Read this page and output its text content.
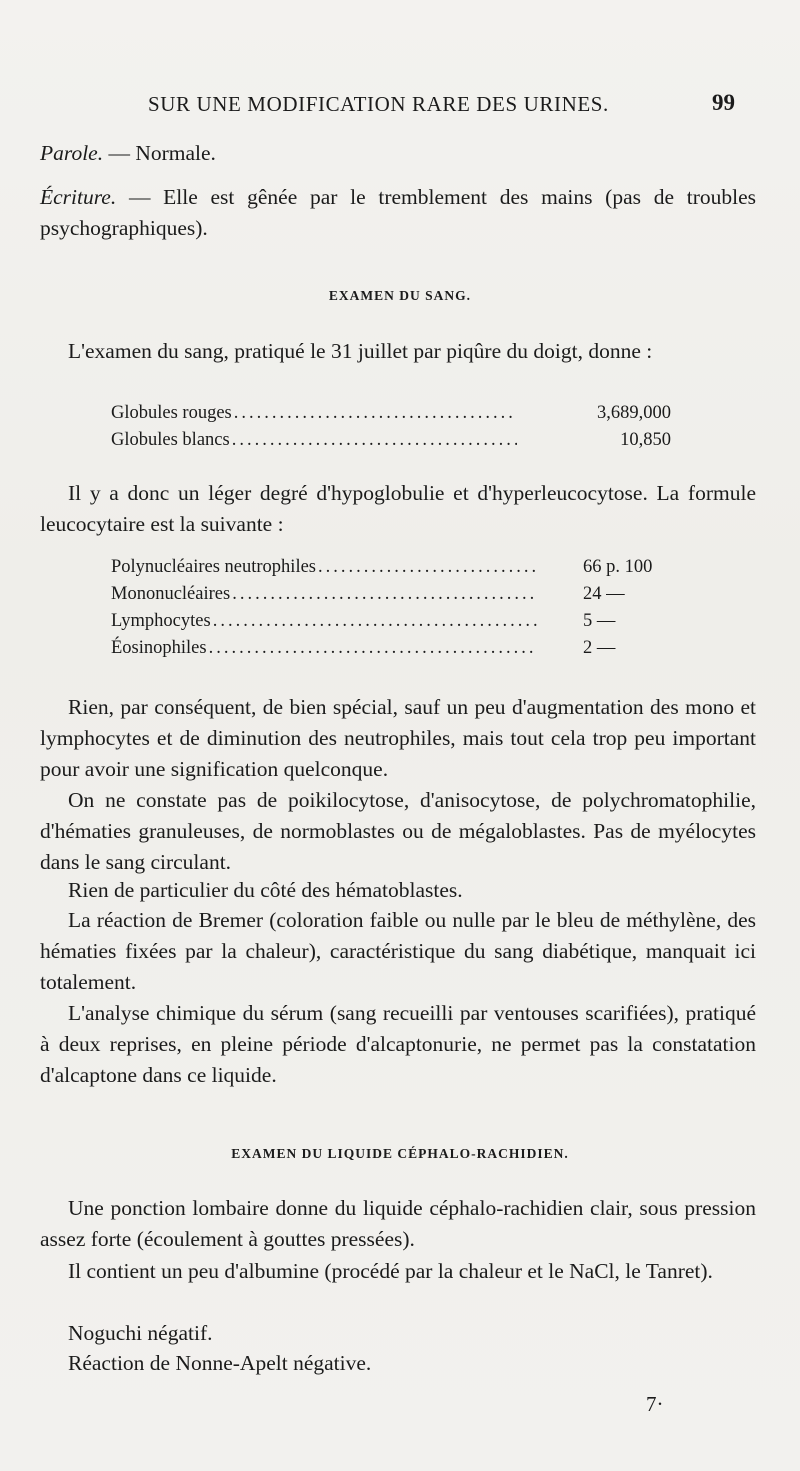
SUR UNE MODIFICATION RARE DES URINES.	99
Parole. — Normale.
Écriture. — Elle est gênée par le tremblement des mains (pas de troubles psychographiques).
EXAMEN DU SANG.
L'examen du sang, pratiqué le 31 juillet par piqûre du doigt, donne :
Globules rouges .....	3,689,000
Globules blancs .....	10,850
Il y a donc un léger degré d'hypoglobulie et d'hyperleucocytose. La formule leucocytaire est la suivante :
Polynucléaires neutrophiles .....	66 p. 100
Mononucléaires .....	24 —
Lymphocytes .....	5 —
Éosinophiles .....	2 —
Rien, par conséquent, de bien spécial, sauf un peu d'augmentation des mono et lymphocytes et de diminution des neutrophiles, mais tout cela trop peu important pour avoir une signification quelconque.
On ne constate pas de poikilocytose, d'anisocytose, de polychromatophilie, d'hématies granuleuses, de normoblastes ou de mégaloblastes. Pas de myélocytes dans le sang circulant.
Rien de particulier du côté des hématoblastes.
La réaction de Bremer (coloration faible ou nulle par le bleu de méthylène, des hématies fixées par la chaleur), caractéristique du sang diabétique, manquait ici totalement.
L'analyse chimique du sérum (sang recueilli par ventouses scarifiées), pratiqué à deux reprises, en pleine période d'alcaptonurie, ne permet pas la constatation d'alcaptone dans ce liquide.
EXAMEN DU LIQUIDE CÉPHALO-RACHIDIEN.
Une ponction lombaire donne du liquide céphalo-rachidien clair, sous pression assez forte (écoulement à gouttes pressées).
Il contient un peu d'albumine (procédé par la chaleur et le NaCl, le Tanret).
Noguchi négatif.
Réaction de Nonne-Apelt négative.
7·
